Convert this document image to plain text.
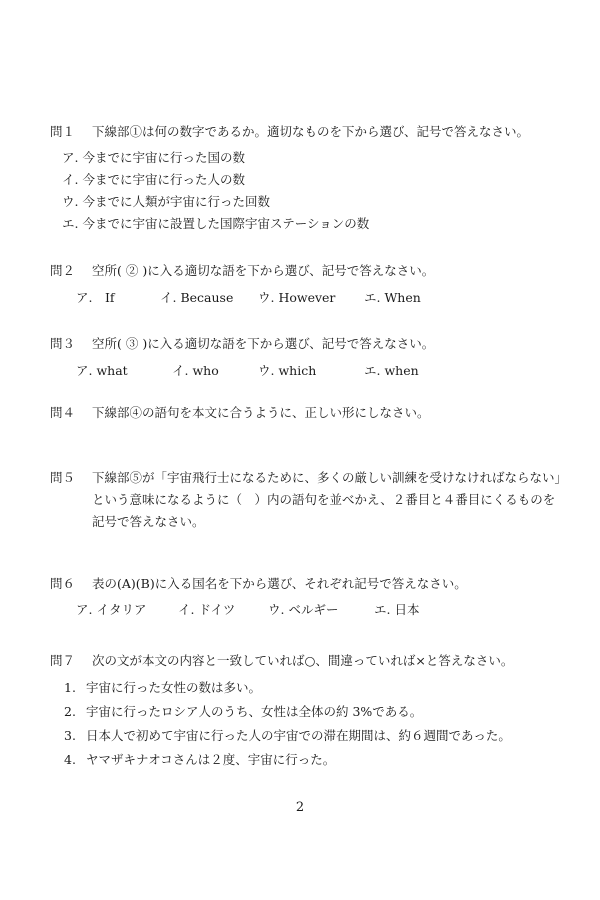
問１ 下線部①は何の数字であるか。適切なものを下から選び、記号で答えなさい。
ア. 今までに宇宙に行った国の数
イ. 今までに宇宙に行った人の数
ウ. 今までに人類が宇宙に行った回数
エ. 今までに宇宙に設置した国際宇宙ステーションの数
問２ 空所( ② )に入る適切な語を下から選び、記号で答えなさい。
ア.　If	イ. Because ウ. However エ. When
問３ 空所( ③ )に入る適切な語を下から選び、記号で答えなさい。
ア. what	イ. who	ウ. which	エ. when
問４ 下線部④の語句を本文に合うように、正しい形にしなさい。
問５ 下線部⑤が「宇宙飛行士になるために、多くの厳しい訓練を受けなければならない」
という意味になるように（　）内の語句を並べかえ、２番目と４番目にくるものを
記号で答えなさい。
問６ 表の(A)(B)に入る国名を下から選び、それぞれ記号で答えなさい。
ア. イタリア	イ. ドイツ	ウ. ベルギー	エ. 日本
問７ 次の文が本文の内容と一致していれば○、間違っていれば×と答えなさい。
1. 宇宙に行った女性の数は多い。
2. 宇宙に行ったロシア人のうち、女性は全体の約 3%である。
3. 日本人で初めて宇宙に行った人の宇宙での滞在期間は、約６週間であった。
4. ヤマザキナオコさんは２度、宇宙に行った。
2
